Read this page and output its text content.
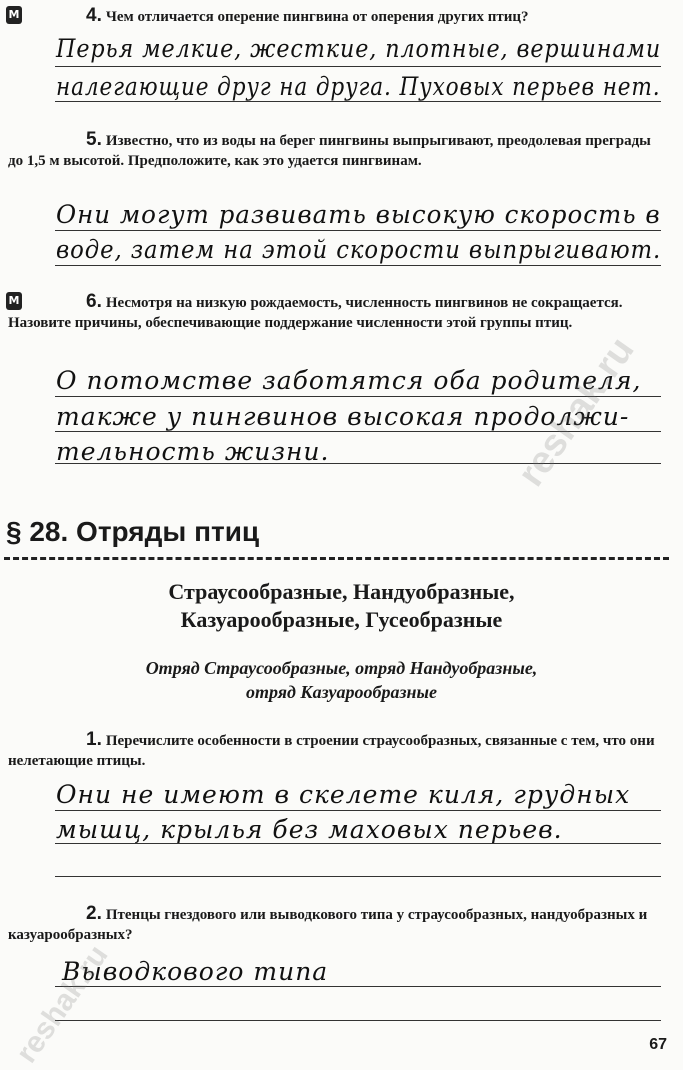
М	4. Чем отличается оперение пингвина от оперения других птиц?
Перья мелкие, жесткие, плотные, вершинами
налегающие друг на друга. Пуховых перьев нет.
5. Известно, что из воды на берег пингвины выпрыгивают, преодолевая преграды до 1,5 м высотой. Предположите, как это удается пингвинам.
Они могут развивать высокую скорость в
воде, затем на этой скорости выпрыгивают.
М	6. Несмотря на низкую рождаемость, численность пингвинов не сокращается. Назовите причины, обеспечивающие поддержание численности этой группы птиц.
О потомстве заботятся оба родителя,
также у пингвинов высокая продолжи-
тельность жизни.
§ 28. Отряды птиц
Страусообразные, Нандуобразные,
Казуарообразные, Гусеобразные
Отряд Страусообразные, отряд Нандуобразные,
отряд Казуарообразные
1. Перечислите особенности в строении страусообразных, связанные с тем, что они нелетающие птицы.
Они не имеют в скелете киля, грудных
мышц, крылья без маховых перьев.
2. Птенцы гнездового или выводкового типа у страусообразных, нандуобразных и казуарообразных?
Выводкового типа
67
reshak.ru
reshak.ru
